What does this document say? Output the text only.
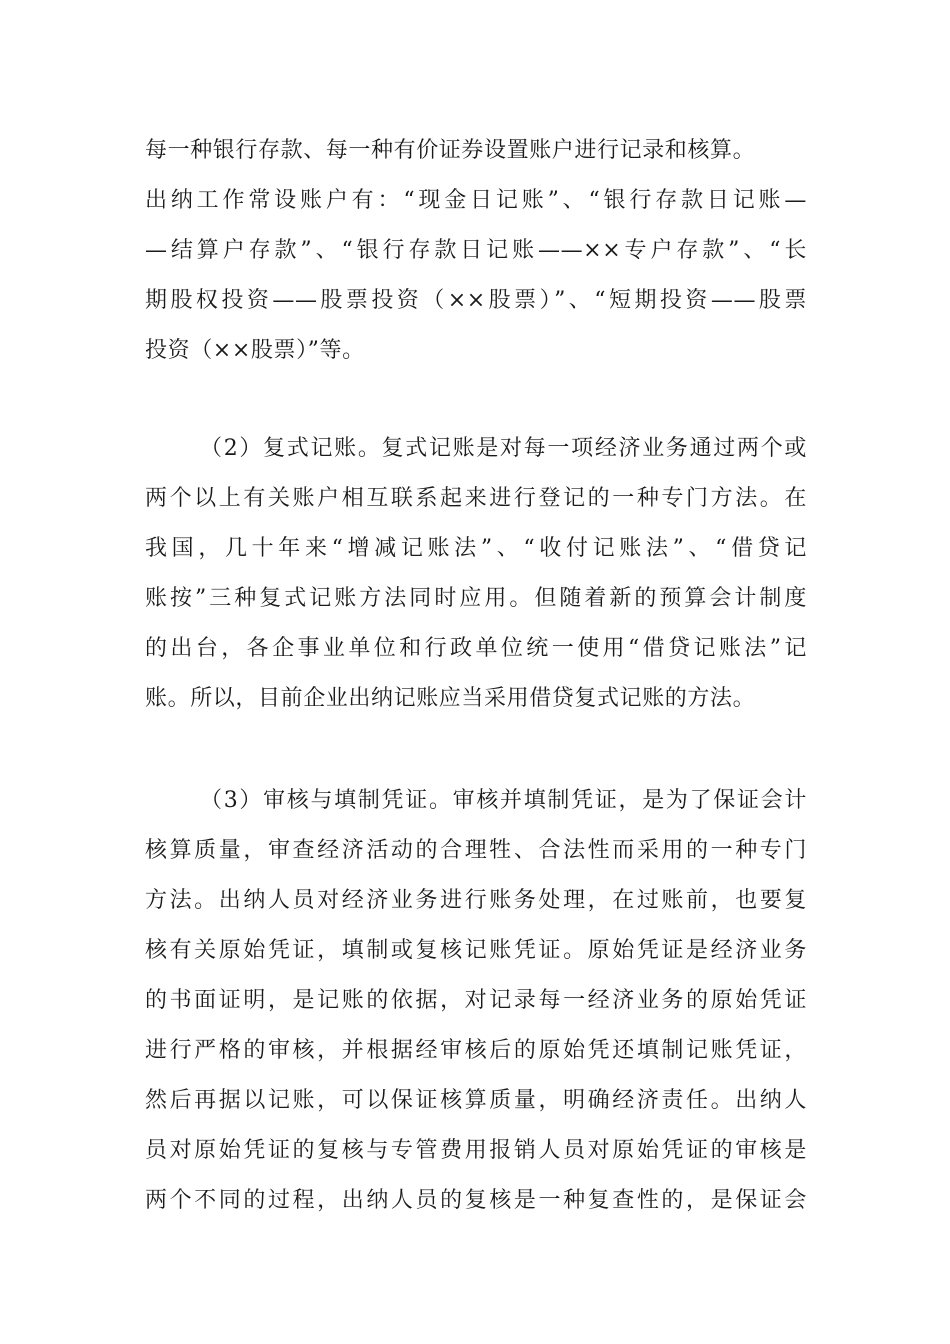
每一种银行存款、每一种有价证券设置账户进行记录和核算。
出纳工作常设账户有：“现金日记账”、“银行存款日记账—
—结算户存款”、“银行存款日记账——××专户存款”、“长
期股权投资——股票投资（××股票）”、“短期投资——股票
投资（××股票）”等。
（2）复式记账。复式记账是对每一项经济业务通过两个或
两个以上有关账户相互联系起来进行登记的一种专门方法。在
我国，几十年来“增减记账法”、“收付记账法”、“借贷记
账按”三种复式记账方法同时应用。但随着新的预算会计制度
的出台，各企事业单位和行政单位统一使用“借贷记账法”记
账。所以，目前企业出纳记账应当采用借贷复式记账的方法。
（3）审核与填制凭证。审核并填制凭证，是为了保证会计
核算质量，审查经济活动的合理牲、合法性而采用的一种专门
方法。出纳人员对经济业务进行账务处理，在过账前，也要复
核有关原始凭证，填制或复核记账凭证。原始凭证是经济业务
的书面证明，是记账的依据，对记录每一经济业务的原始凭证
进行严格的审核，并根据经审核后的原始凭还填制记账凭证，
然后再据以记账，可以保证核算质量，明确经济责任。出纳人
员对原始凭证的复核与专管费用报销人员对原始凭证的审核是
两个不同的过程，出纳人员的复核是一种复查性的，是保证会
